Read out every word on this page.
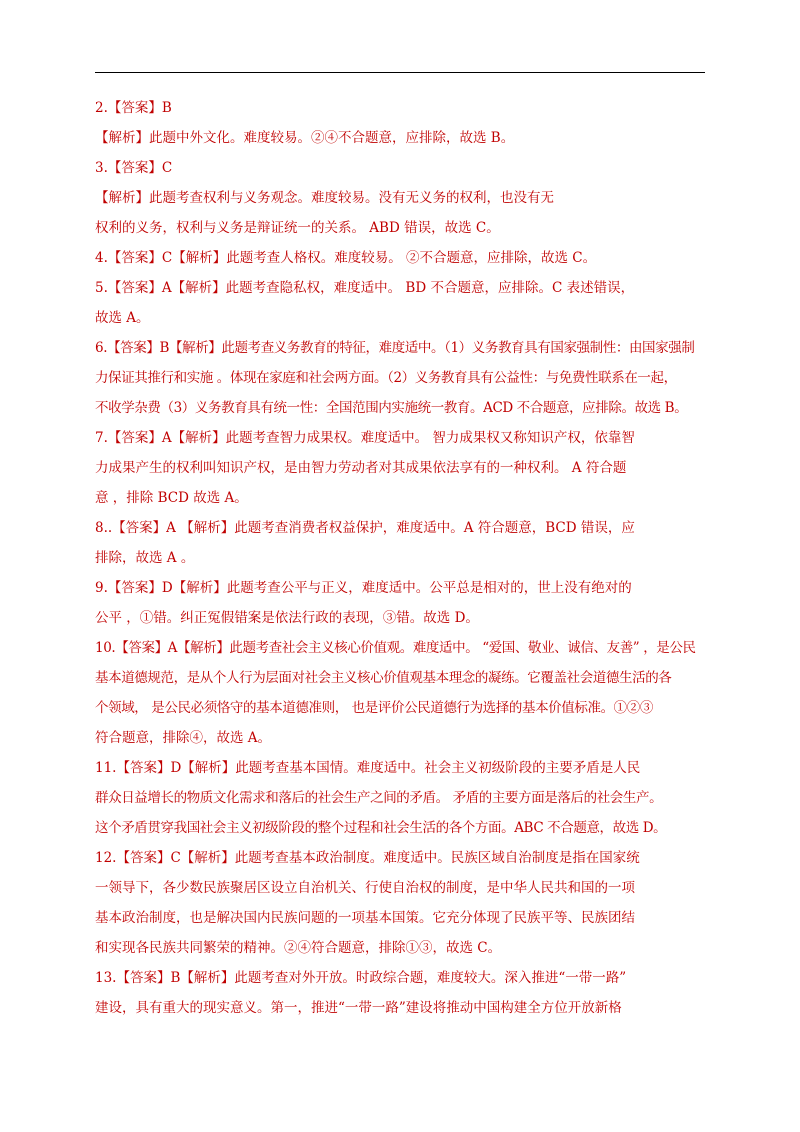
2.【答案】B
【解析】此题中外文化。难度较易。②④不合题意，应排除，故选 B。
3.【答案】C
【解析】此题考查权利与义务观念。难度较易。没有无义务的权利，也没有无
权利的义务，权利与义务是辩证统一的关系。 ABD 错误，故选 C。
4.【答案】C【解析】此题考查人格权。难度较易。 ②不合题意，应排除，故选 C。
5.【答案】A【解析】此题考查隐私权，难度适中。 BD 不合题意，应排除。C 表述错误，
故选 A。
6.【答案】B【解析】此题考查义务教育的特征，难度适中。（1）义务教育具有国家强制性：由国家强制
力保证其推行和实施 。体现在家庭和社会两方面。（2）义务教育具有公益性：与免费性联系在一起，
不收学杂费（3）义务教育具有统一性：全国范围内实施统一教育。ACD 不合题意，应排除。故选 B。
7.【答案】A【解析】此题考查智力成果权。难度适中。 智力成果权又称知识产权，依靠智
力成果产生的权利叫知识产权，是由智力劳动者对其成果依法享有的一种权利。 A 符合题
意 ，排除 BCD 故选 A。
8..【答案】A 【解析】此题考查消费者权益保护，难度适中。A 符合题意，BCD 错误，应
排除，故选 A 。
9.【答案】D【解析】此题考查公平与正义，难度适中。公平总是相对的，世上没有绝对的
公平 ，①错。纠正冤假错案是依法行政的表现，③错。故选 D。
10.【答案】A【解析】此题考查社会主义核心价值观。难度适中。 “爱国、敬业、诚信、友善” ，是公民
基本道德规范，是从个人行为层面对社会主义核心价值观基本理念的凝练。它覆盖社会道德生活的各
个领域， 是公民必须恪守的基本道德准则， 也是评价公民道德行为选择的基本价值标准。①②③
符合题意，排除④，故选 A。
11.【答案】D【解析】此题考查基本国情。难度适中。社会主义初级阶段的主要矛盾是人民
群众日益增长的物质文化需求和落后的社会生产之间的矛盾。 矛盾的主要方面是落后的社会生产。
这个矛盾贯穿我国社会主义初级阶段的整个过程和社会生活的各个方面。ABC 不合题意，故选 D。
12.【答案】C【解析】此题考查基本政治制度。难度适中。民族区域自治制度是指在国家统
一领导下，各少数民族聚居区设立自治机关、行使自治权的制度，是中华人民共和国的一项
基本政治制度，也是解决国内民族问题的一项基本国策。它充分体现了民族平等、民族团结
和实现各民族共同繁荣的精神。②④符合题意，排除①③，故选 C。
13.【答案】B【解析】此题考查对外开放。时政综合题，难度较大。深入推进“一带一路”
建设，具有重大的现实意义。第一，推进“一带一路”建设将推动中国构建全方位开放新格
